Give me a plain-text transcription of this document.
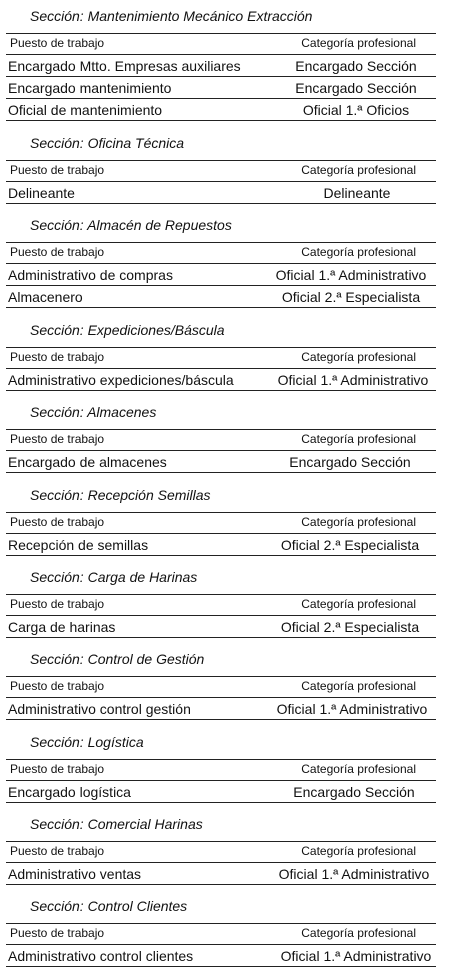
Sección: Mantenimiento Mecánico Extracción
Puesto de trabajo	Categoría profesional
Encargado Mtto. Empresas auxiliares	Encargado Sección
Encargado mantenimiento	Encargado Sección
Oficial de mantenimiento	Oficial 1.ª Oficios
Sección: Oficina Técnica
Puesto de trabajo	Categoría profesional
Delineante	Delineante
Sección: Almacén de Repuestos
Puesto de trabajo	Categoría profesional
Administrativo de compras	Oficial 1.ª Administrativo
Almacenero	Oficial 2.ª Especialista
Sección: Expediciones/Báscula
Puesto de trabajo	Categoría profesional
Administrativo expediciones/báscula	Oficial 1.ª Administrativo
Sección: Almacenes
Puesto de trabajo	Categoría profesional
Encargado de almacenes	Encargado Sección
Sección: Recepción Semillas
Puesto de trabajo	Categoría profesional
Recepción de semillas	Oficial 2.ª Especialista
Sección: Carga de Harinas
Puesto de trabajo	Categoría profesional
Carga de harinas	Oficial 2.ª Especialista
Sección: Control de Gestión
Puesto de trabajo	Categoría profesional
Administrativo control gestión	Oficial 1.ª Administrativo
Sección: Logística
Puesto de trabajo	Categoría profesional
Encargado logística	Encargado Sección
Sección: Comercial Harinas
Puesto de trabajo	Categoría profesional
Administrativo ventas	Oficial 1.ª Administrativo
Sección: Control Clientes
Puesto de trabajo	Categoría profesional
Administrativo control clientes	Oficial 1.ª Administrativo
